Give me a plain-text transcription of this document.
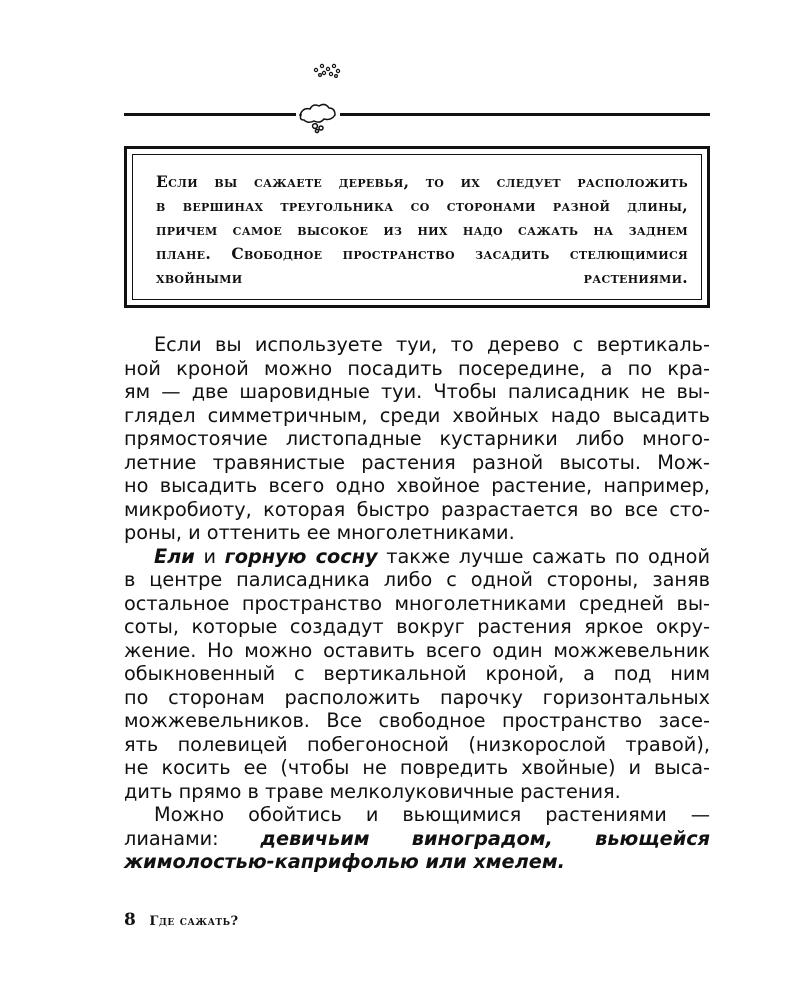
Если вы сажаете деревья, то их следует расположить
в вершинах треугольника со сторонами разной длины,
причем самое высокое из них надо сажать на заднем
плане. Свободное пространство засадить стелющимися
хвойными растениями.
Если вы используете туи, то дерево с вертикаль-
ной кроной можно посадить посередине, а по кра-
ям — две шаровидные туи. Чтобы палисадник не вы-
глядел симметричным, среди хвойных надо высадить
прямостоячие листопадные кустарники либо много-
летние травянистые растения разной высоты. Мож-
но высадить всего одно хвойное растение, например,
микробиоту, которая быстро разрастается во все сто-
роны, и оттенить ее многолетниками.
Ели и горную сосну также лучше сажать по одной
в центре палисадника либо с одной стороны, заняв
остальное пространство многолетниками средней вы-
соты, которые создадут вокруг растения яркое окру-
жение. Но можно оставить всего один можжевельник
обыкновенный с вертикальной кроной, а под ним
по сторонам расположить парочку горизонтальных
можжевельников. Все свободное пространство засе-
ять полевицей побегоносной (низкорослой травой),
не косить ее (чтобы не повредить хвойные) и выса-
дить прямо в траве мелколуковичные растения.
Можно обойтись и вьющимися растениями —
лианами: девичьим виноградом, вьющейся
жимолостью-каприфолью или хмелем.
8 Где сажать?
